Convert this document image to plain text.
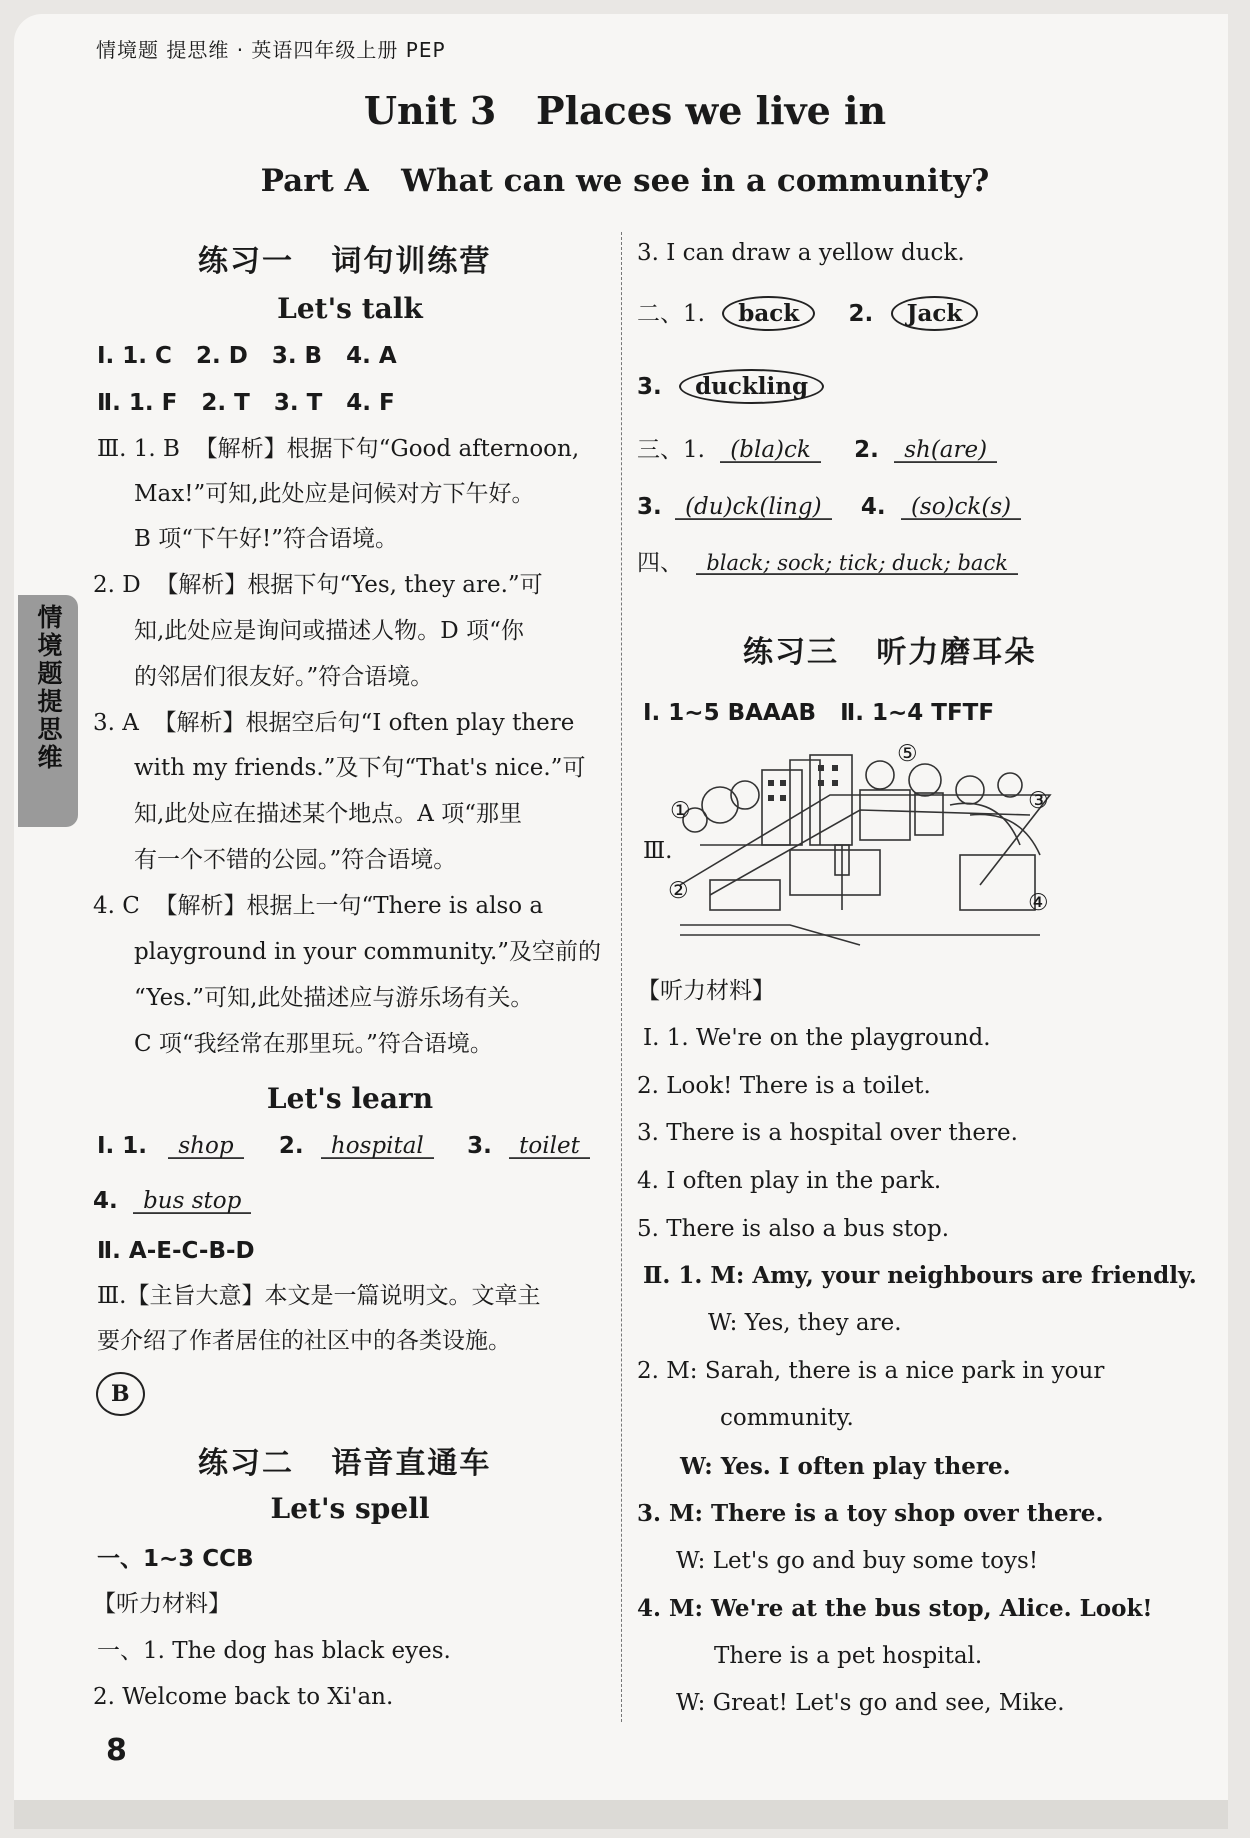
情境题 提思维 · 英语四年级上册 PEP
Unit 3   Places we live in
Part A   What can we see in a community?
情境题提思维
练习一   词句训练营
Let's talk
Ⅰ. 1. C   2. D   3. B   4. A
Ⅱ. 1. F   2. T   3. T   4. F
Ⅲ. 1. B  【解析】根据下句“Good afternoon,
Max!”可知,此处应是问候对方下午好。
B 项“下午好!”符合语境。
2. D  【解析】根据下句“Yes, they are.”可
知,此处应是询问或描述人物。D 项“你
的邻居们很友好。”符合语境。
3. A  【解析】根据空后句“I often play there
with my friends.”及下句“That's nice.”可
知,此处应在描述某个地点。A 项“那里
有一个不错的公园。”符合语境。
4. C  【解析】根据上一句“There is also a
playground in your community.”及空前的
“Yes.”可知,此处描述应与游乐场有关。
C 项“我经常在那里玩。”符合语境。
Let's learn
Ⅰ. 1. shop 2. hospital 3. toilet
4. bus stop
Ⅱ. A-E-C-B-D
Ⅲ.【主旨大意】本文是一篇说明文。文章主
要介绍了作者居住的社区中的各类设施。
B
练习二   语音直通车
Let's spell
一、1~3 CCB
【听力材料】
一、1. The dog has black eyes.
2. Welcome back to Xi'an.
3. I can draw a yellow duck.
二、1. back 2. Jack
3. duckling
三、1. (bla)ck 2. sh(are)
3. (du)ck(ling) 4. (so)ck(s)
四、 black; sock; tick; duck; back
练习三   听力磨耳朵
Ⅰ. 1~5 BAAAB   Ⅱ. 1~4 TFTF
Ⅲ.
①
②
③
④
⑤
【听力材料】
Ⅰ. 1. We're on the playground.
2. Look! There is a toilet.
3. There is a hospital over there.
4. I often play in the park.
5. There is also a bus stop.
Ⅱ. 1. M: Amy, your neighbours are friendly.
W: Yes, they are.
2. M: Sarah, there is a nice park in your
community.
W: Yes. I often play there.
3. M: There is a toy shop over there.
W: Let's go and buy some toys!
4. M: We're at the bus stop, Alice. Look!
There is a pet hospital.
W: Great! Let's go and see, Mike.
8
